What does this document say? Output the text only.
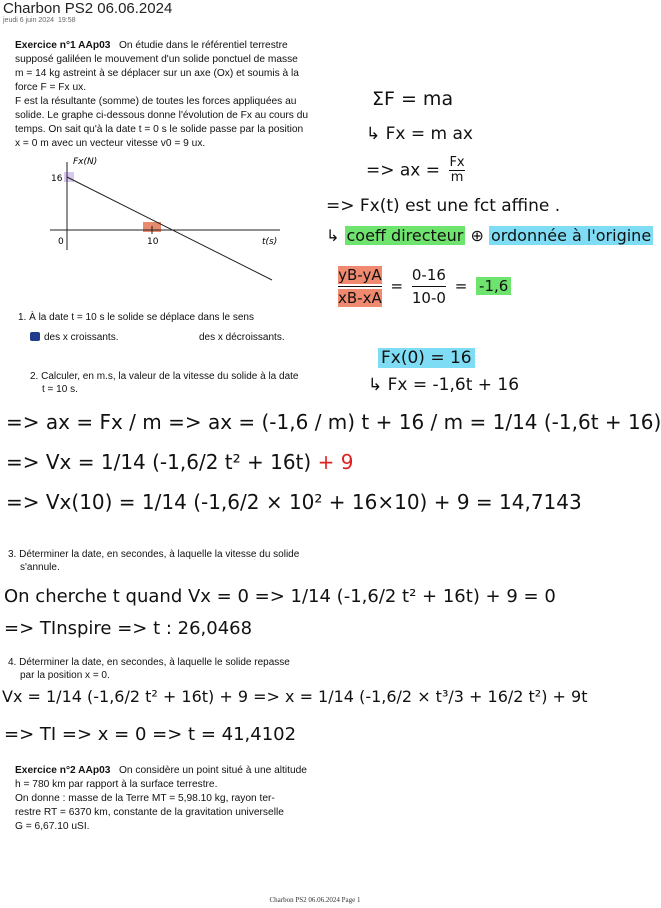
Charbon PS2 06.06.2024
jeudi 6 juin 2024 19:58
Exercice n°1 AAp03 On étudie dans le référentiel terrestre
supposé galiléen le mouvement d'un solide ponctuel de masse
m = 14 kg astreint à se déplacer sur un axe (Ox) et soumis à la
force F = Fx ux.
F est la résultante (somme) de toutes les forces appliquées au
solide. Le graphe ci-dessous donne l'évolution de Fx au cours du
temps. On sait qu'à la date t = 0 s le solide passe par la position
x = 0 m avec un vecteur vitesse v0 = 9 ux.
Fx(N)
16
0	10	t(s)
1. À la date t = 10 s le solide se déplace dans le sens
des x croissants.	des x décroissants.
2. Calculer, en m.s, la valeur de la vitesse du solide à la date
t = 10 s.
ΣF = ma
↳ Fx = m ax
=> ax = $\frac{Fx}{m}$
=> Fx(t) est une fct affine .
↳ coeff directeur ⊕ ordonnée à l'origine
$\frac{yB-yA}{xB-xA} = \frac{0-16}{10-0} = -1,6$
Fx(0) = 16
↳ Fx = -1,6t + 16
=> ax = Fx / m => ax = (-1,6 / m) t + 16 / m = 1/14 (-1,6t + 16)
=> Vx = 1/14 (-1,6/2 t² + 16t) + 9
=> Vx(10) = 1/14 (-1,6/2 × 10² + 16×10) + 9 = 14,7143
3. Déterminer la date, en secondes, à laquelle la vitesse du solide
s'annule.
On cherche t quand Vx = 0 => 1/14 (-1,6/2 t² + 16t) + 9 = 0
=> TInspire => t : 26,0468
4. Déterminer la date, en secondes, à laquelle le solide repasse
par la position x = 0.
Vx = 1/14 (-1,6/2 t² + 16t) + 9 => x = 1/14 (-1,6/2 × t³/3 + 16/2 t²) + 9t
=> TI => x = 0 => t = 41,4102
Exercice n°2 AAp03 On considère un point situé à une altitude
h = 780 km par rapport à la surface terrestre.
On donne : masse de la Terre MT = 5,98.10 kg, rayon ter-
restre RT = 6370 km, constante de la gravitation universelle
G = 6,67.10 uSI.
Charbon PS2 06.06.2024 Page 1
